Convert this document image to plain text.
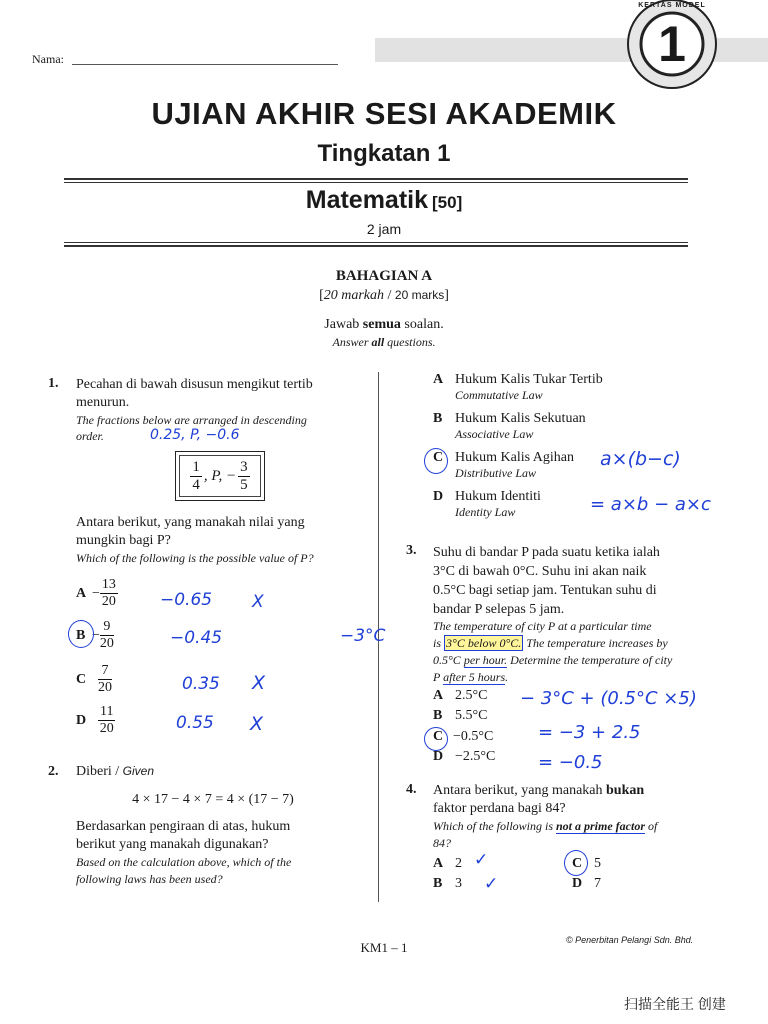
Nama:
KERTAS MODEL
1
UJIAN AKHIR SESI AKADEMIK
Tingkatan 1
Matematik [50]
2 jam
BAHAGIAN A
[20 markah / 20 marks]
Jawab semua soalan.
Answer all questions.
1. Pecahan di bawah disusun mengikut tertib
menurun.
The fractions below are arranged in descending
order.	0.25, P, −0.6
$\frac{1}{4}$ , P, − $\frac{3}{5}$
Antara berikut, yang manakah nilai yang
mungkin bagi P?
Which of the following is the possible value of P?
$A - \frac{13}{20}$
$B - \frac{9}{20}$
C $\frac{7}{20}$
D $\frac{11}{20}$
−0.65 X
−0.45	−3°C
0.35 X
0.55 X
2. Diberi / Given
4 × 17 − 4 × 7 = 4 × (17 − 7)
Berdasarkan pengiraan di atas, hukum
berikut yang manakah digunakan?
Based on the calculation above, which of the
following laws has been used?
A Hukum Kalis Tukar Tertib
Commutative Law
B Hukum Kalis Sekutuan
Associative Law
C Hukum Kalis Agihan
Distributive Law
D Hukum Identiti
Identity Law
a×(b−c)
= a×b − a×c
3. Suhu di bandar P pada suatu ketika ialah
3°C di bawah 0°C. Suhu ini akan naik
0.5°C bagi setiap jam. Tentukan suhu di
bandar P selepas 5 jam.
The temperature of city P at a particular time
is 3°C below 0°C. The temperature increases by
0.5°C per hour. Determine the temperature of city
P after 5 hours.
A 2.5°C
B 5.5°C
C −0.5°C
D −2.5°C
− 3°C + (0.5°C ×5)
= −3 + 2.5
= −0.5
4. Antara berikut, yang manakah bukan
faktor perdana bagi 84?
Which of the following is not a prime factor of
84?
A 2 ✓
B 3 ✓
C 5
D 7
KM1 – 1	© Penerbitan Pelangi Sdn. Bhd.
扫描全能王 创建
